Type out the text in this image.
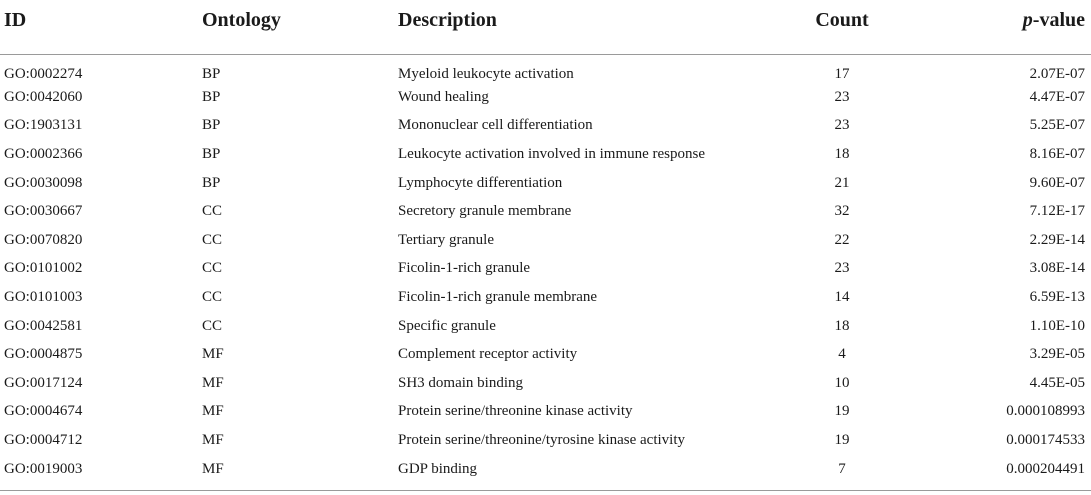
ID	Ontology	Description	Count	p-value
GO:0002274	BP	Myeloid leukocyte activation	17	2.07E-07
GO:0042060	BP	Wound healing	23	4.47E-07
GO:1903131	BP	Mononuclear cell differentiation	23	5.25E-07
GO:0002366	BP	Leukocyte activation involved in immune response	18	8.16E-07
GO:0030098	BP	Lymphocyte differentiation	21	9.60E-07
GO:0030667	CC	Secretory granule membrane	32	7.12E-17
GO:0070820	CC	Tertiary granule	22	2.29E-14
GO:0101002	CC	Ficolin-1-rich granule	23	3.08E-14
GO:0101003	CC	Ficolin-1-rich granule membrane	14	6.59E-13
GO:0042581	CC	Specific granule	18	1.10E-10
GO:0004875	MF	Complement receptor activity	4	3.29E-05
GO:0017124	MF	SH3 domain binding	10	4.45E-05
GO:0004674	MF	Protein serine/threonine kinase activity	19	0.000108993
GO:0004712	MF	Protein serine/threonine/tyrosine kinase activity	19	0.000174533
GO:0019003	MF	GDP binding	7	0.000204491
